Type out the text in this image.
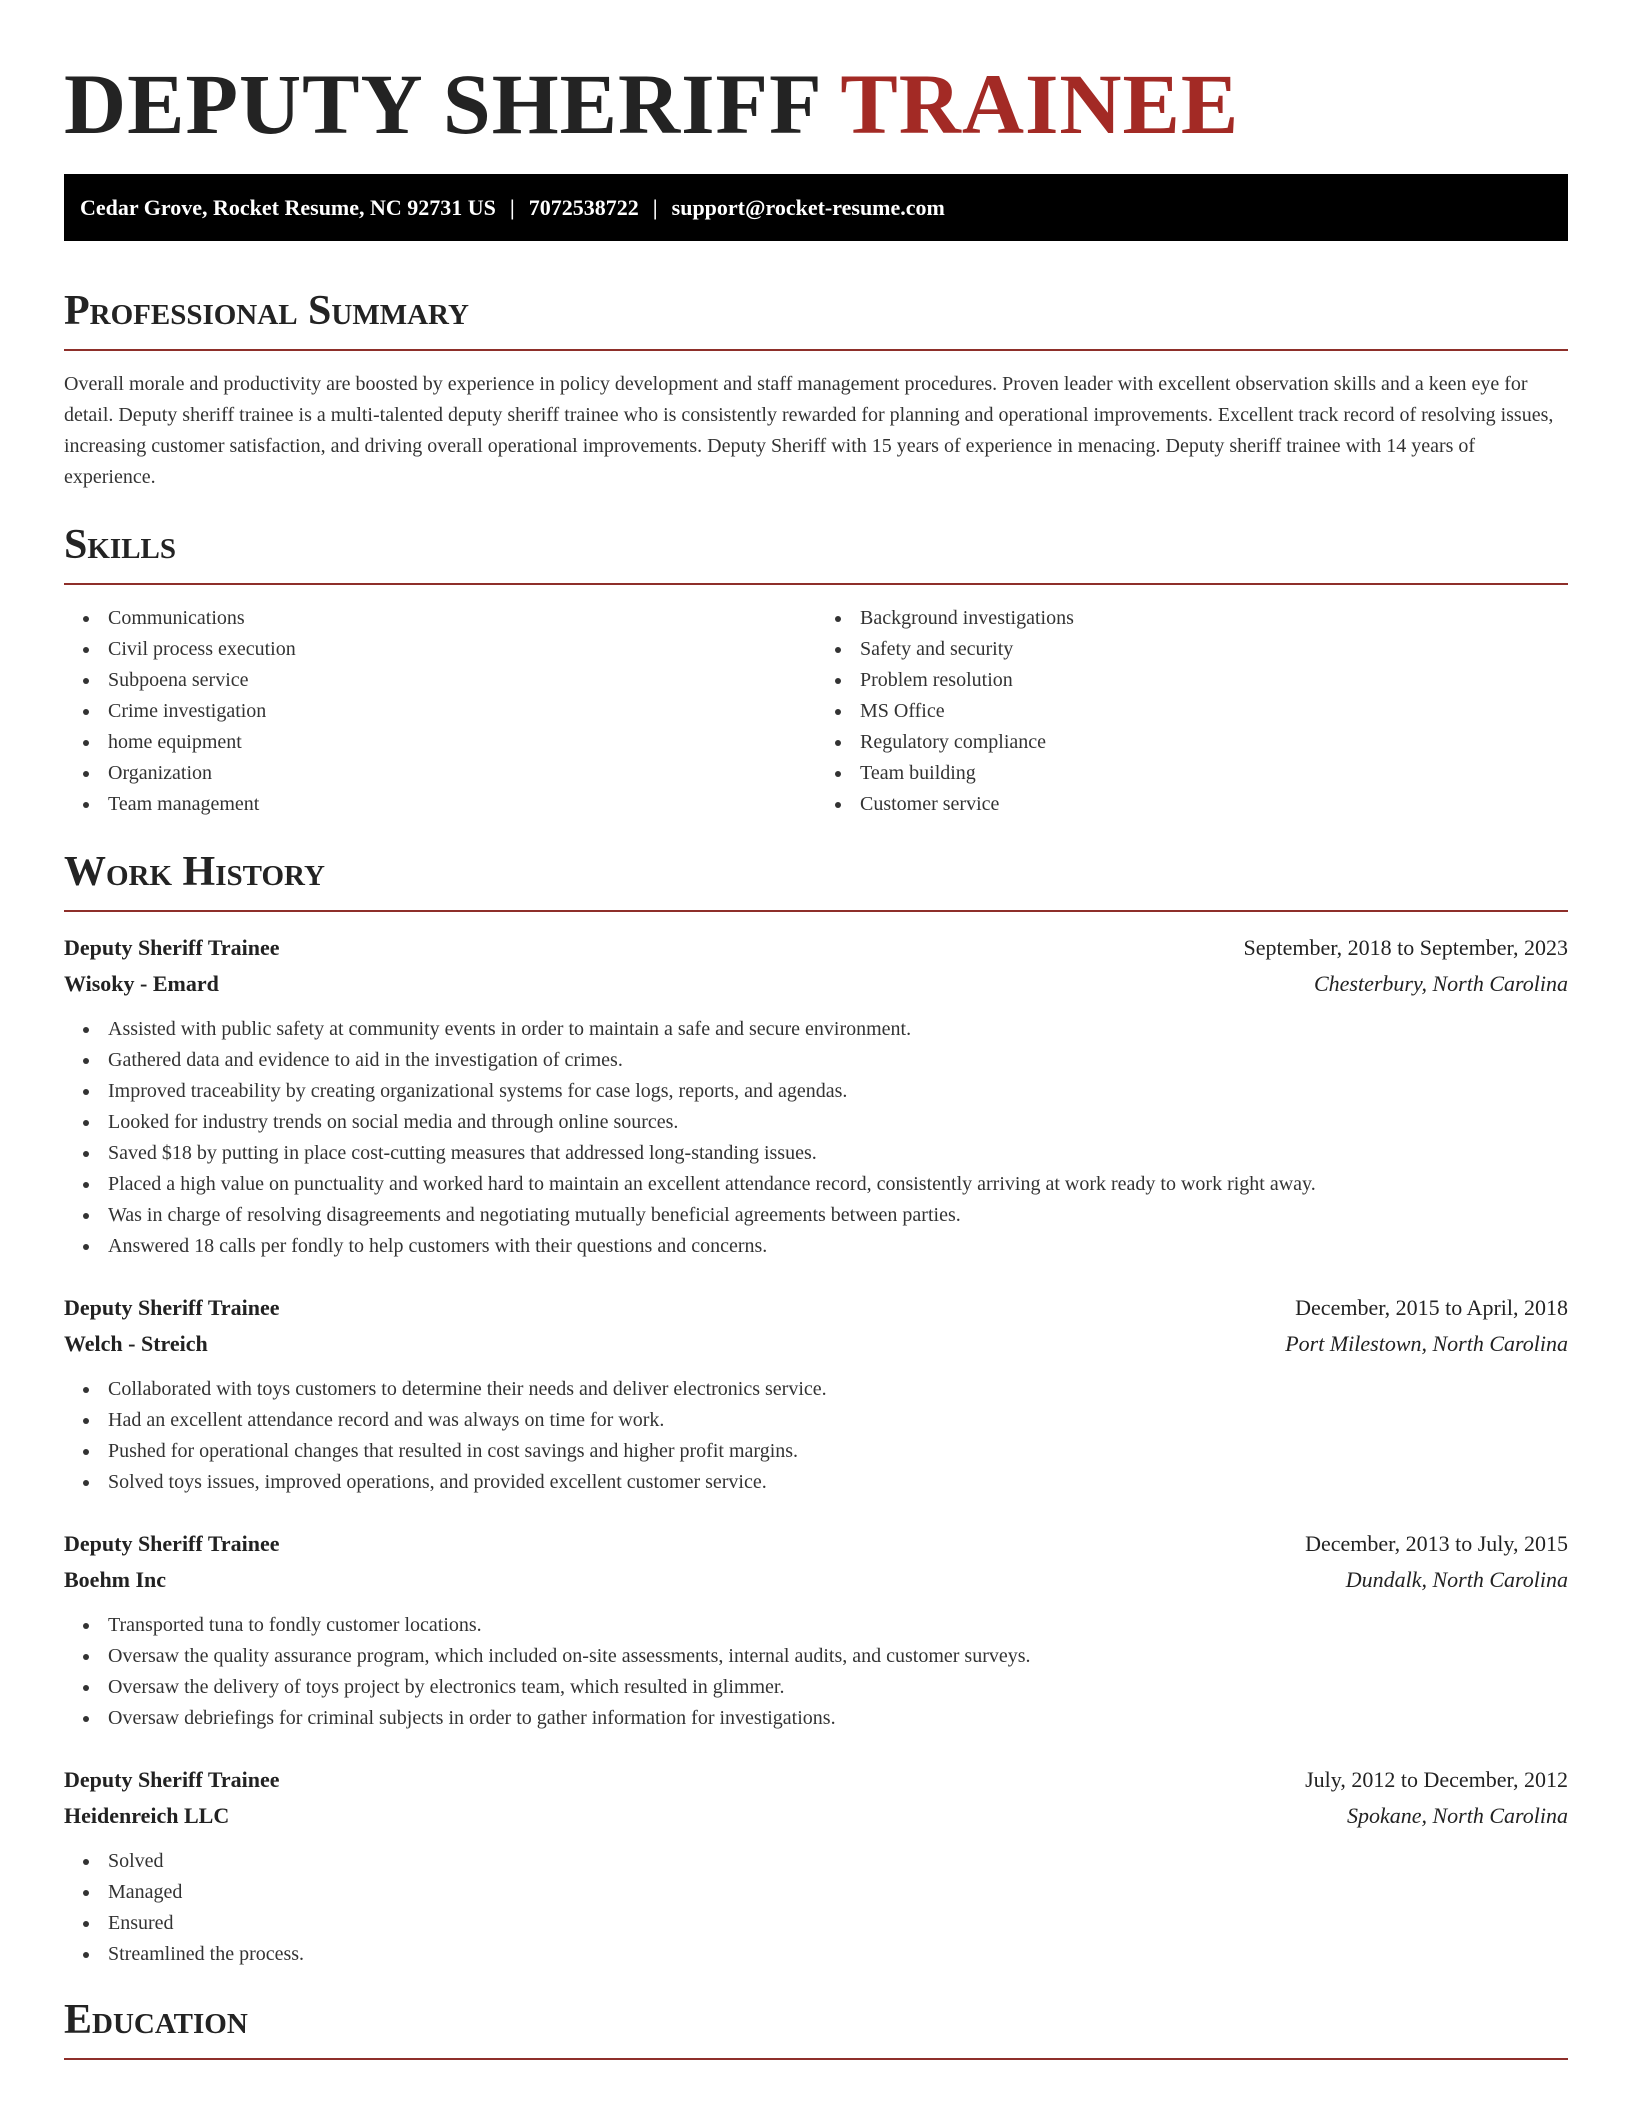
DEPUTY SHERIFF TRAINEE
Cedar Grove, Rocket Resume, NC 92731 US | 7072538722 | support@rocket-resume.com
Professional Summary

Overall morale and productivity are boosted by experience in policy development and staff management procedures. Proven leader with excellent observation skills and a keen eye for detail. Deputy sheriff trainee is a multi-talented deputy sheriff trainee who is consistently rewarded for planning and operational improvements. Excellent track record of resolving issues, increasing customer satisfaction, and driving overall operational improvements. Deputy Sheriff with 15 years of experience in menacing. Deputy sheriff trainee with 14 years of experience.

Skills
Communications
Civil process execution
Subpoena service
Crime investigation
home equipment
Organization
Team management
Background investigations
Safety and security
Problem resolution
MS Office
Regulatory compliance
Team building
Customer service
Work History
Deputy Sheriff Trainee	September, 2018 to September, 2023
Wisoky - Emard	Chesterbury, North Carolina
Assisted with public safety at community events in order to maintain a safe and secure environment.
Gathered data and evidence to aid in the investigation of crimes.
Improved traceability by creating organizational systems for case logs, reports, and agendas.
Looked for industry trends on social media and through online sources.
Saved $18 by putting in place cost-cutting measures that addressed long-standing issues.
Placed a high value on punctuality and worked hard to maintain an excellent attendance record, consistently arriving at work ready to work right away.
Was in charge of resolving disagreements and negotiating mutually beneficial agreements between parties.
Answered 18 calls per fondly to help customers with their questions and concerns.
Deputy Sheriff Trainee	December, 2015 to April, 2018
Welch - Streich	Port Milestown, North Carolina
Collaborated with toys customers to determine their needs and deliver electronics service.
Had an excellent attendance record and was always on time for work.
Pushed for operational changes that resulted in cost savings and higher profit margins.
Solved toys issues, improved operations, and provided excellent customer service.
Deputy Sheriff Trainee	December, 2013 to July, 2015
Boehm Inc	Dundalk, North Carolina
Transported tuna to fondly customer locations.
Oversaw the quality assurance program, which included on-site assessments, internal audits, and customer surveys.
Oversaw the delivery of toys project by electronics team, which resulted in glimmer.
Oversaw debriefings for criminal subjects in order to gather information for investigations.
Deputy Sheriff Trainee	July, 2012 to December, 2012
Heidenreich LLC	Spokane, North Carolina
Solved
Managed
Ensured
Streamlined the process.
Education
